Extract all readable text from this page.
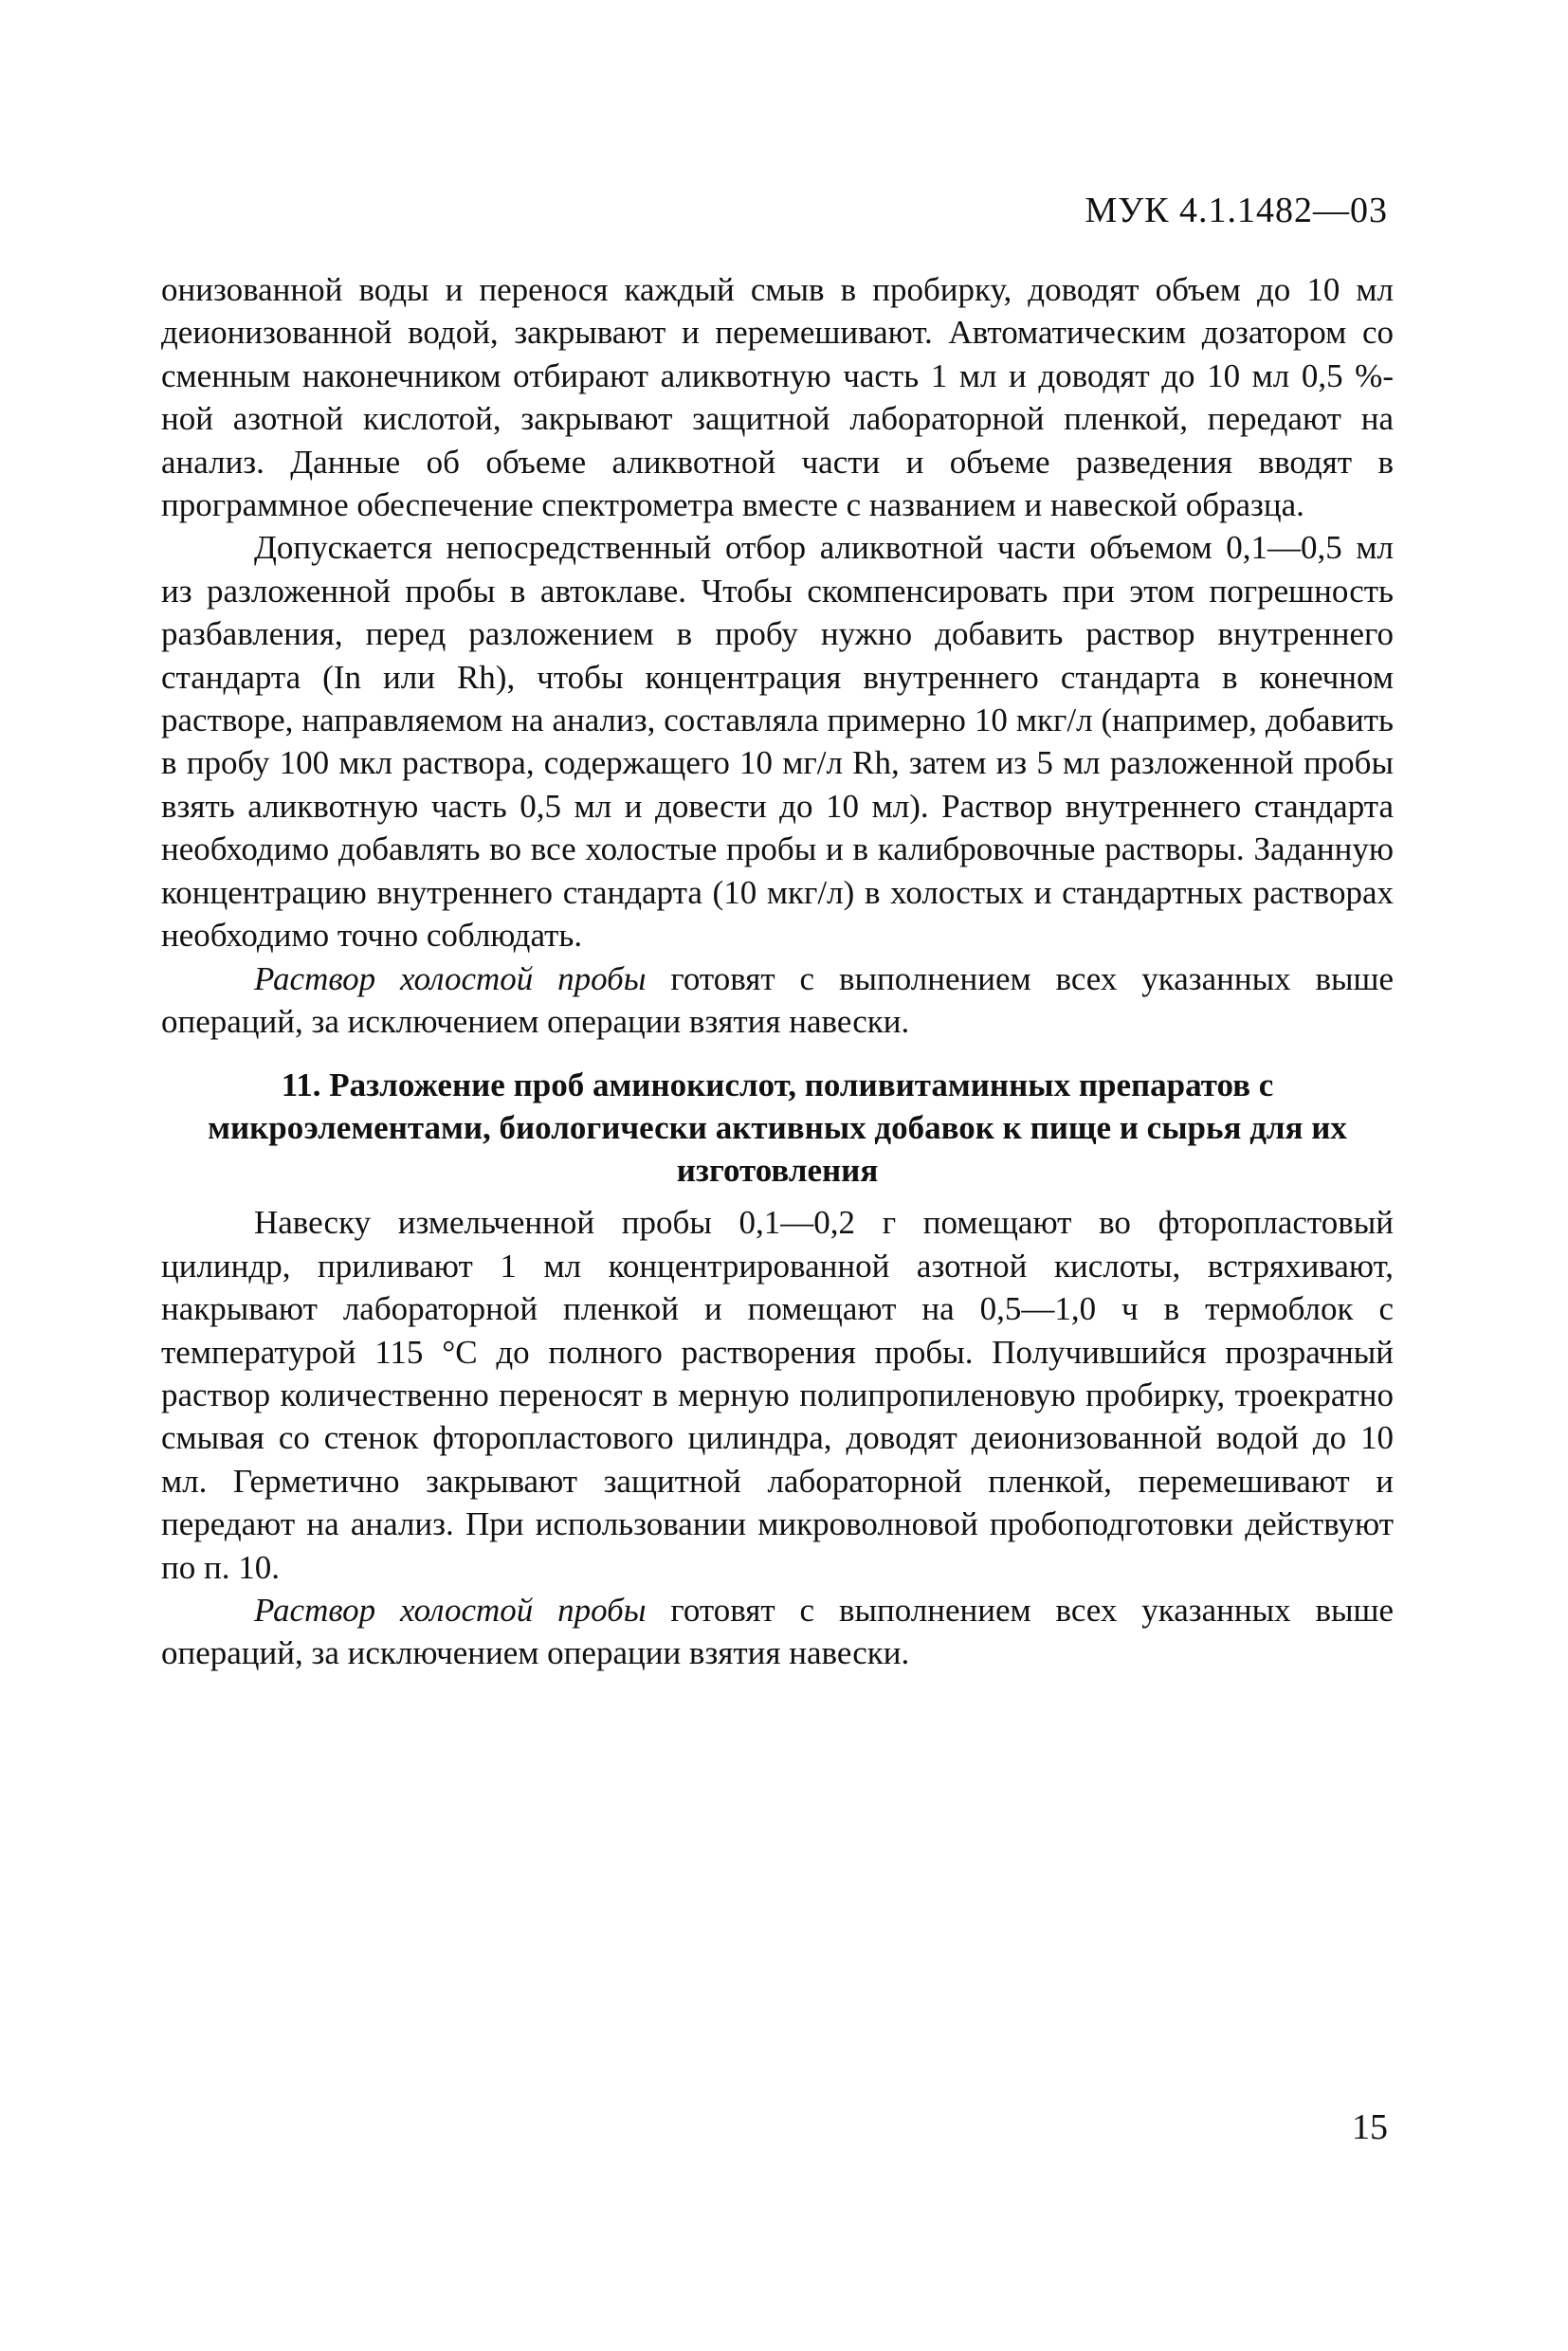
МУК 4.1.1482—03

онизованной воды и перенося каждый смыв в пробирку, доводят объем до 10 мл деионизованной водой, закрывают и перемешивают. Автоматическим дозатором со сменным наконечником отбирают аликвотную часть 1 мл и доводят до 10 мл 0,5 %-ной азотной кислотой, закрывают защитной лабораторной пленкой, передают на анализ. Данные об объеме аликвотной части и объеме разведения вводят в программное обеспечение спектрометра вместе с названием и навеской образца.

Допускается непосредственный отбор аликвотной части объемом 0,1—0,5 мл из разложенной пробы в автоклаве. Чтобы скомпенсировать при этом погрешность разбавления, перед разложением в пробу нужно добавить раствор внутреннего стандарта (In или Rh), чтобы концентрация внутреннего стандарта в конечном растворе, направляемом на анализ, составляла примерно 10 мкг/л (например, добавить в пробу 100 мкл раствора, содержащего 10 мг/л Rh, затем из 5 мл разложенной пробы взять аликвотную часть 0,5 мл и довести до 10 мл). Раствор внутреннего стандарта необходимо добавлять во все холостые пробы и в калибровочные растворы. Заданную концентрацию внутреннего стандарта (10 мкг/л) в холостых и стандартных растворах необходимо точно соблюдать.

Раствор холостой пробы готовят с выполнением всех указанных выше операций, за исключением операции взятия навески.

11. Разложение проб аминокислот, поливитаминных препаратов с микроэлементами, биологически активных добавок к пище и сырья для их изготовления

Навеску измельченной пробы 0,1—0,2 г помещают во фторопластовый цилиндр, приливают 1 мл концентрированной азотной кислоты, встряхивают, накрывают лабораторной пленкой и помещают на 0,5—1,0 ч в термоблок с температурой 115 °С до полного растворения пробы. Получившийся прозрачный раствор количественно переносят в мерную полипропиленовую пробирку, троекратно смывая со стенок фторопластового цилиндра, доводят деионизованной водой до 10 мл. Герметично закрывают защитной лабораторной пленкой, перемешивают и передают на анализ. При использовании микроволновой пробоподготовки действуют по п. 10.

Раствор холостой пробы готовят с выполнением всех указанных выше операций, за исключением операции взятия навески.

15
